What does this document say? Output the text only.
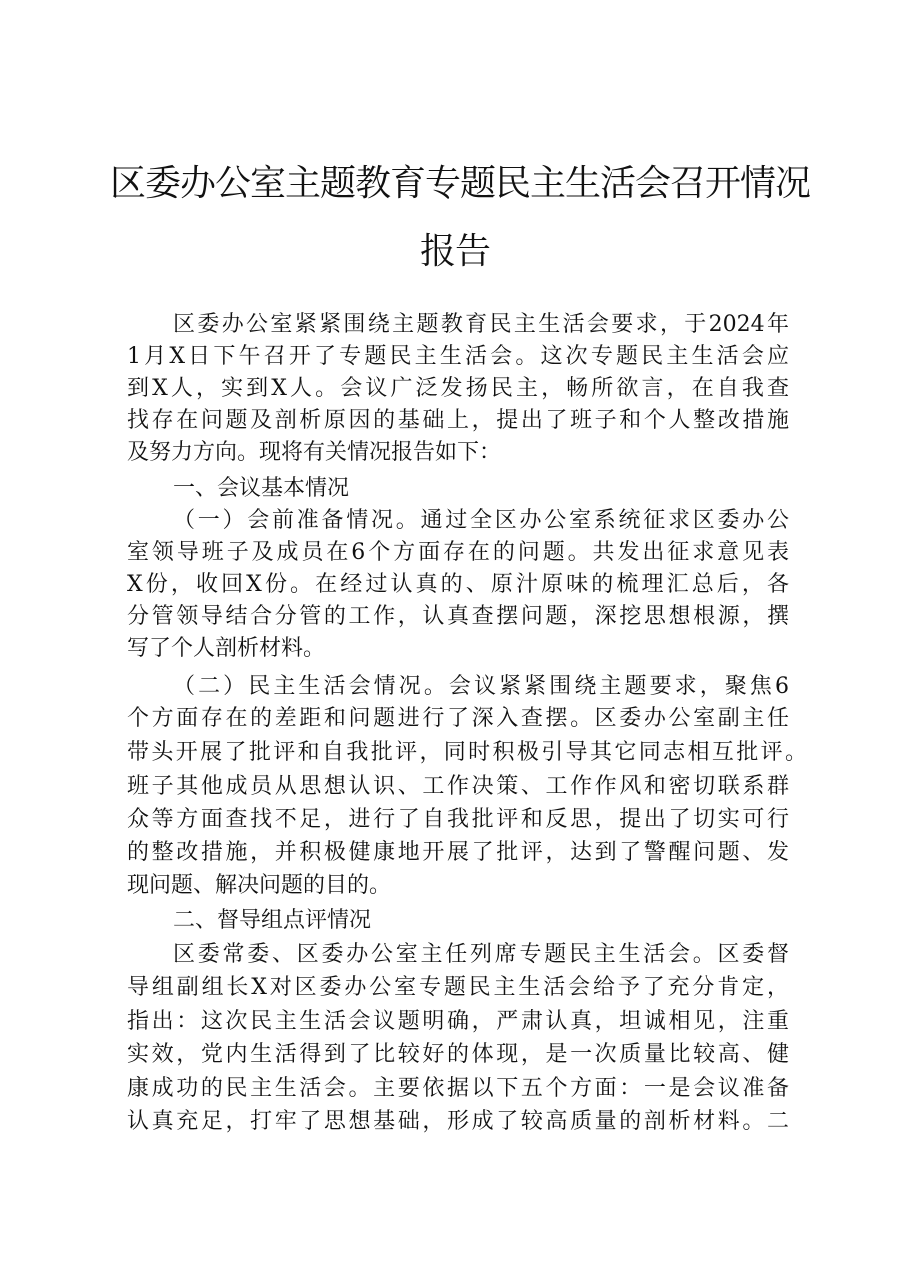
区委办公室主题教育专题民主生活会召开情况
报告
区委办公室紧紧围绕主题教育民主生活会要求，于2024年
1月X日下午召开了专题民主生活会。这次专题民主生活会应
到X人，实到X人。会议广泛发扬民主，畅所欲言，在自我查
找存在问题及剖析原因的基础上，提出了班子和个人整改措施
及努力方向。现将有关情况报告如下：
一、会议基本情况
（一）会前准备情况。通过全区办公室系统征求区委办公
室领导班子及成员在6个方面存在的问题。共发出征求意见表
X份，收回X份。在经过认真的、原汁原味的梳理汇总后，各
分管领导结合分管的工作，认真查摆问题，深挖思想根源，撰
写了个人剖析材料。
（二）民主生活会情况。会议紧紧围绕主题要求，聚焦6
个方面存在的差距和问题进行了深入查摆。区委办公室副主任
带头开展了批评和自我批评，同时积极引导其它同志相互批评。
班子其他成员从思想认识、工作决策、工作作风和密切联系群
众等方面查找不足，进行了自我批评和反思，提出了切实可行
的整改措施，并积极健康地开展了批评，达到了警醒问题、发
现问题、解决问题的目的。
二、督导组点评情况
区委常委、区委办公室主任列席专题民主生活会。区委督
导组副组长X对区委办公室专题民主生活会给予了充分肯定，
指出：这次民主生活会议题明确，严肃认真，坦诚相见，注重
实效，党内生活得到了比较好的体现，是一次质量比较高、健
康成功的民主生活会。主要依据以下五个方面：一是会议准备
认真充足，打牢了思想基础，形成了较高质量的剖析材料。二
